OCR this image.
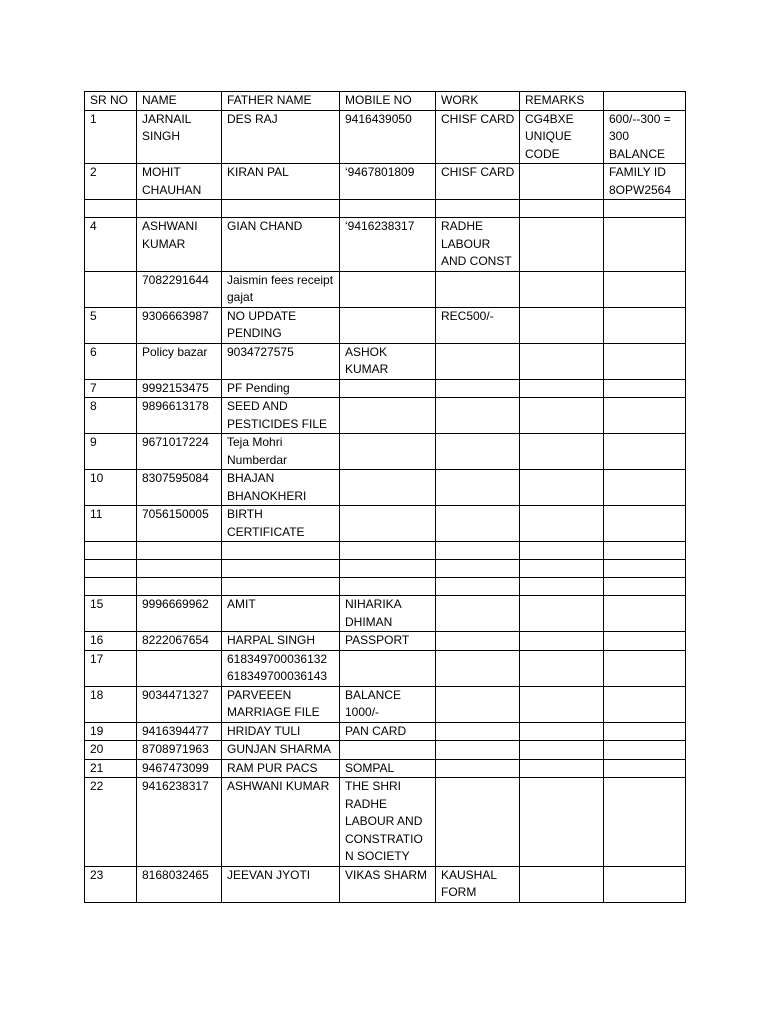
SR NO	NAME	FATHER NAME	MOBILE NO	WORK	REMARKS	
1	JARNAIL SINGH	DES RAJ	9416439050	CHISF CARD	CG4BXE UNIQUE CODE	600/--300 = 300 BALANCE
2	MOHIT CHAUHAN	KIRAN PAL	‘9467801809	CHISF CARD		FAMILY ID 8OPW2564

4	ASHWANI KUMAR	GIAN CHAND	‘9416238317	RADHE LABOUR AND CONST		
	7082291644	Jaismin fees receipt gajat				
5	9306663987	NO UPDATE PENDING		REC500/-		
6	Policy bazar	9034727575	ASHOK KUMAR			
7	9992153475	PF Pending				
8	9896613178	SEED AND PESTICIDES FILE				
9	9671017224	Teja Mohri Numberdar				
10	8307595084	BHAJAN BHANOKHERI				
11	7056150005	BIRTH CERTIFICATE				

15	9996669962	AMIT	NIHARIKA DHIMAN			
16	8222067654	HARPAL SINGH	PASSPORT			
17		618349700036132 618349700036143				
18	9034471327	PARVEEEN MARRIAGE FILE	BALANCE 1000/-			
19	9416394477	HRIDAY TULI	PAN CARD			
20	8708971963	GUNJAN SHARMA				
21	9467473099	RAM PUR PACS	SOMPAL			
22	9416238317	ASHWANI KUMAR	THE SHRI RADHE LABOUR AND CONSTRATION SOCIETY			
23	8168032465	JEEVAN JYOTI	VIKAS SHARM	KAUSHAL FORM		
